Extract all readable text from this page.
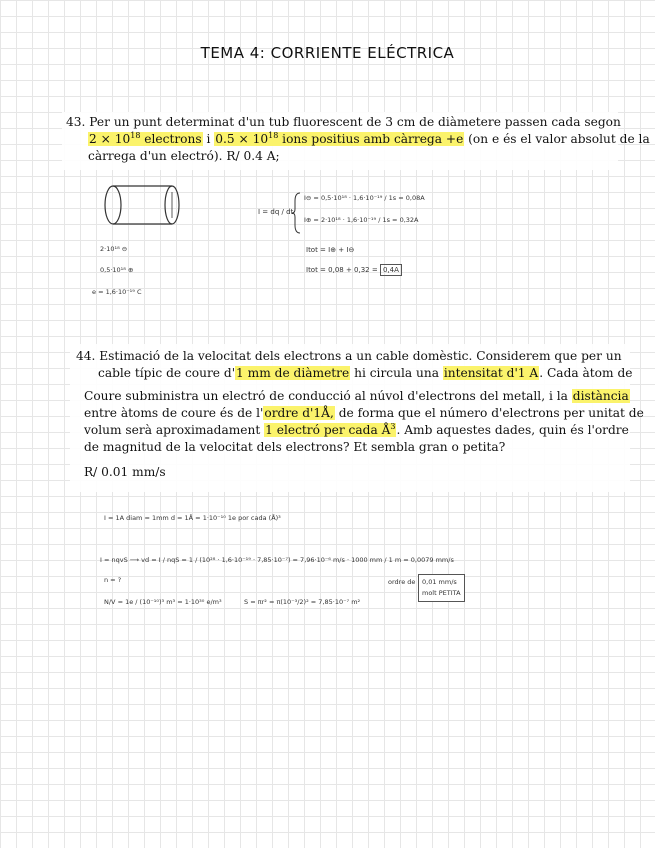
TEMA 4: CORRIENTE ELÉCTRICA
43. Per un punt determinat d'un tub fluorescent de 3 cm de diàmetere passen cada segon
$2 \times 10^{18}$ electrons i $0.5 \times 10^{18}$ ions positius amb càrrega +e (on e és el valor absolut de la
càrrega d'un electró). R/ 0.4 A;
2·10¹⁸ ⊖
0,5·10¹⁸ ⊕
e = 1,6·10⁻¹⁹ C
I = dq / dt
I⊖ = 0,5·10¹⁸ · 1,6·10⁻¹⁹ / 1s = 0,08A
I⊕ = 2·10¹⁸ · 1,6·10⁻¹⁹ / 1s = 0,32A
Itot = I⊕ + I⊖
Itot = 0,08 + 0,32 = 0,4A
44. Estimació de la velocitat dels electrons a un cable domèstic. Considerem que per un
cable típic de coure d'1 mm de diàmetre hi circula una intensitat d'1 A. Cada àtom de
Coure subministra un electró de conducció al núvol d'electrons del metall, i la distància
entre àtoms de coure és de l'ordre d'1Å, de forma que el número d'electrons per unitat de
volum serà aproximadament 1 electró per cada $Å^3$. Amb aquestes dades, quin és l'ordre
de magnitud de la velocitat dels electrons? Et sembla gran o petita?
R/ 0.01 mm/s
I = 1A diam = 1mm d = 1Å = 1·10⁻¹⁰ 1e por cada (Å)³
I = nqvS ⟶ vd = I / nqS = 1 / (10²⁸ · 1,6·10⁻¹⁹ · 7,85·10⁻⁷) = 7,96·10⁻⁶ m/s · 1000 mm / 1 m = 0,0079 mm/s
n = ?	ordre de 0,01 mm/s
molt PETITA
N/V = 1e / (10⁻¹⁰)³ m³ = 1·10³⁰ e/m³	S = πr² = π(10⁻³/2)² = 7,85·10⁻⁷ m²
